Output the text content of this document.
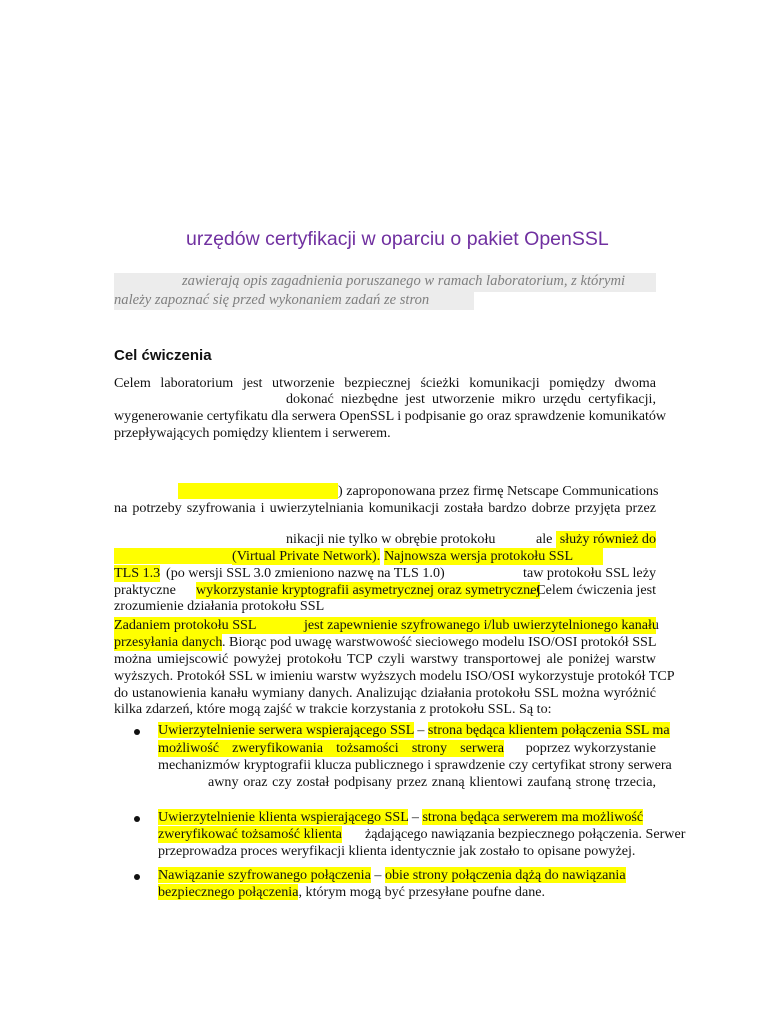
urzędów certyfikacji w oparciu o pakiet OpenSSL
zawierają opis zagadnienia poruszanego w ramach laboratorium, z którymi
należy zapoznać się przed wykonaniem zadań ze stron
Cel ćwiczenia
Celem laboratorium jest utworzenie bezpiecznej ścieżki komunikacji pomiędzy dwoma
dokonać niezbędne jest utworzenie mikro urzędu certyfikacji,
wygenerowanie certyfikatu dla serwera OpenSSL i podpisanie go oraz sprawdzenie komunikatów
przepływających pomiędzy klientem i serwerem.
) zaproponowana przez firmę Netscape Communications
na potrzeby szyfrowania i uwierzytelniania komunikacji została bardzo dobrze przyjęta przez
nikacji nie tylko w obrębie protokołu	ale służy również do
(Virtual Private Network). Najnowsza wersja protokołu SSL
TLS 1.3 (po wersji SSL 3.0 zmieniono nazwę na TLS 1.0)	taw protokołu SSL leży
praktyczne wykorzystanie kryptografii asymetrycznej oraz symetrycznej
. Celem ćwiczenia jest
zrozumienie działania protokołu SSL
Zadaniem protokołu SSL	jest zapewnienie szyfrowanego i/lub uwierzytelnionego kanału
przesyłania danych . Biorąc pod uwagę warstwowość sieciowego modelu ISO/OSI protokół SSL
można umiejscowić powyżej protokołu TCP czyli warstwy transportowej ale poniżej warstw
wyższych. Protokół SSL w imieniu warstw wyższych modelu ISO/OSI wykorzystuje protokół TCP
do ustanowienia kanału wymiany danych. Analizując działania protokołu SSL można wyróżnić
kilka zdarzeń, które mogą zajść w trakcie korzystania z protokołu SSL. Są to:
Uwierzytelnienie serwera wspierającego SSL – strona będąca klientem połączenia SSL ma
możliwość zweryfikowania tożsamości strony serwera	poprzez wykorzystanie
mechanizmów kryptografii klucza publicznego i sprawdzenie czy certyfikat strony serwera
awny oraz czy został podpisany przez znaną klientowi zaufaną stronę trzecia,
Uwierzytelnienie klienta wspierającego SSL – strona będąca serwerem ma możliwość
zweryfikować tożsamość klienta żądającego nawiązania bezpiecznego połączenia. Serwer
przeprowadza proces weryfikacji klienta identycznie jak zostało to opisane powyżej.
Nawiązanie szyfrowanego połączenia – obie strony połączenia dążą do nawiązania
bezpiecznego połączenia, którym mogą być przesyłane poufne dane.
